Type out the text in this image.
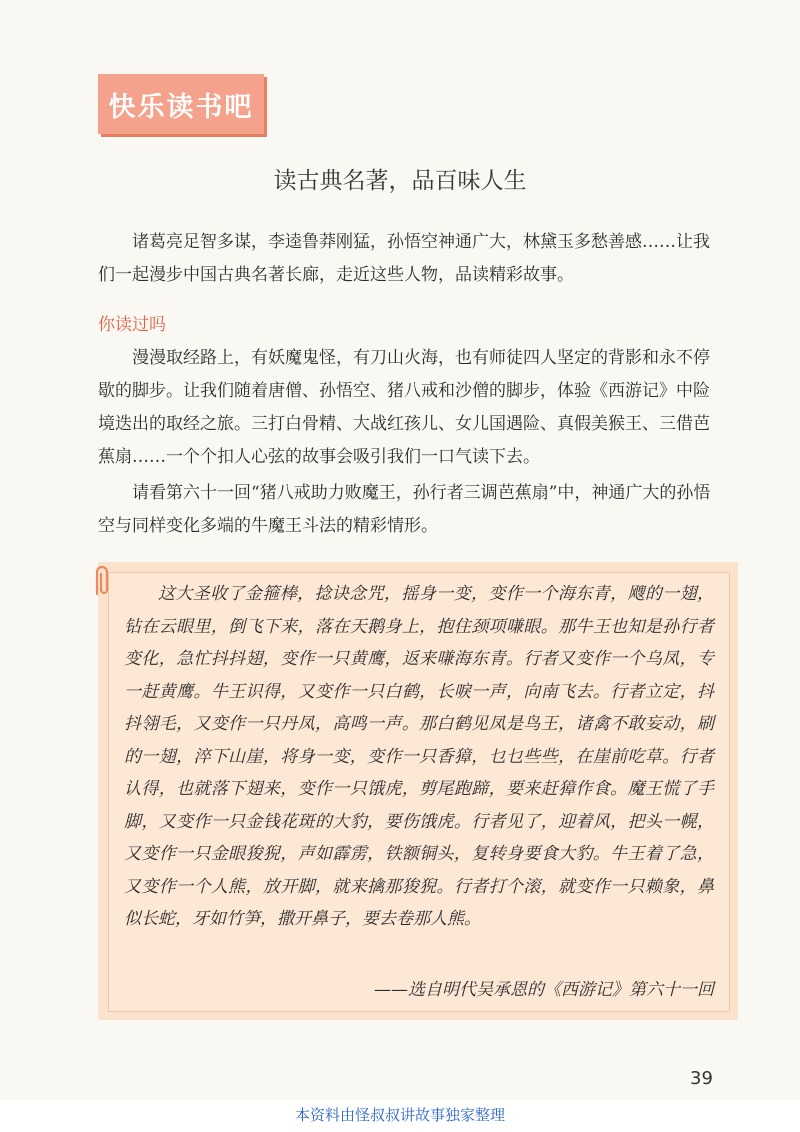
快乐读书吧
读古典名著，品百味人生

诸葛亮足智多谋，李逵鲁莽刚猛，孙悟空神通广大，林黛玉多愁善感……让我们一起漫步中国古典名著长廊，走近这些人物，品读精彩故事。

你读过吗

漫漫取经路上，有妖魔鬼怪，有刀山火海，也有师徒四人坚定的背影和永不停歇的脚步。让我们随着唐僧、孙悟空、猪八戒和沙僧的脚步，体验《西游记》中险境迭出的取经之旅。三打白骨精、大战红孩儿、女儿国遇险、真假美猴王、三借芭蕉扇……一个个扣人心弦的故事会吸引我们一口气读下去。

请看第六十一回“猪八戒助力败魔王，孙行者三调芭蕉扇”中，神通广大的孙悟空与同样变化多端的牛魔王斗法的精彩情形。

这大圣收了金箍棒，捻诀念咒，摇身一变，变作一个海东青，飕的一翅，钻在云眼里，倒飞下来，落在天鹅身上，抱住颈项嗛眼。那牛王也知是孙行者变化，急忙抖抖翅，变作一只黄鹰，返来嗛海东青。行者又变作一个乌凤，专一赶黄鹰。牛王识得，又变作一只白鹤，长唳一声，向南飞去。行者立定，抖抖翎毛，又变作一只丹凤，高鸣一声。那白鹤见凤是鸟王，诸禽不敢妄动，刷的一翅，淬下山崖，将身一变，变作一只香獐，乜乜些些，在崖前吃草。行者认得，也就落下翅来，变作一只饿虎，剪尾跑蹄，要来赶獐作食。魔王慌了手脚，又变作一只金钱花斑的大豹，要伤饿虎。行者见了，迎着风，把头一幌，又变作一只金眼狻猊，声如霹雳，铁额铜头，复转身要食大豹。牛王着了急，又变作一个人熊，放开脚，就来擒那狻猊。行者打个滚，就变作一只赖象，鼻似长蛇，牙如竹笋，撒开鼻子，要去卷那人熊。

——选自明代吴承恩的《西游记》第六十一回
39
本资料由怪叔叔讲故事独家整理
